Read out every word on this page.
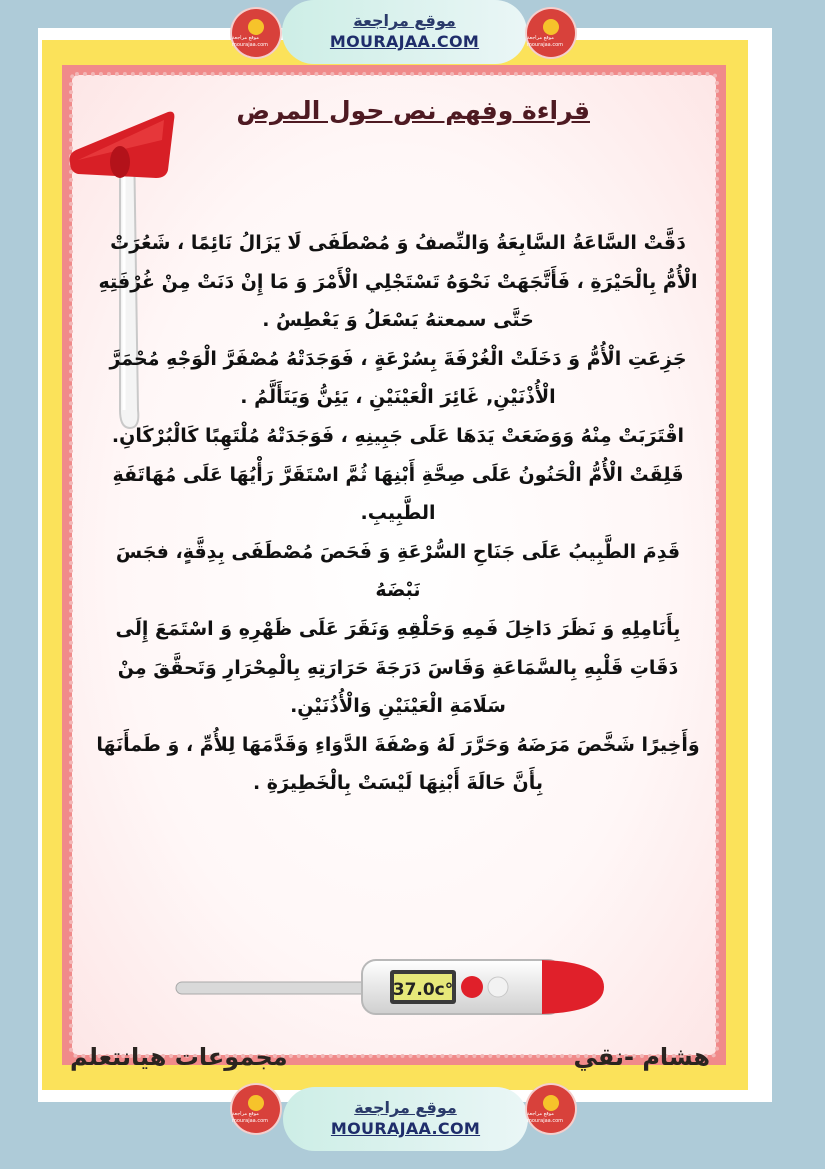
موقع مراجعة mourajaa.com
موقع مراجعة
MOURAJAA.COM	موقع مراجعة mourajaa.com
قراءة وفهم نص حول المرض

دَقَّتْ السَّاعَةُ السَّابِعَةُ وَالنِّصفُ وَ مُصْطَفَى لَا يَزَالُ نَائِمًا ، شَعُرَتْ الْأُمُّ بِالْحَيْرَةِ ، فَأَتَّجَهَتْ نَحْوَهُ تَسْتَجْلِي الْأَمْرَ وَ مَا إِنْ دَنَتْ مِنْ غُرْفَتِهِ حَتَّى سمعتهُ يَسْعَلُ وَ يَعْطِسُ .

جَزِعَتِ الْأُمُّ وَ دَخَلَتْ الْغُرْفَةَ بِسُرْعَةٍ ، فَوَجَدَتْهُ مُصْفَرَّ الْوَجْهِ مُحْمَرَّ الْأُذْنَيْنِ, غَائِرَ الْعَيْنَيْنِ ، يَئِنُّ وَيَتَأَلَّمُ .

اقْتَرَبَتْ مِنْهُ وَوَضَعَتْ يَدَهَا عَلَى جَبِينِهِ ، فَوَجَدَتْهُ مُلْتَهِبًا كَالْبُرْكَانِ.

قَلِقَتْ الْأُمُّ الْحَنُونُ عَلَى صِحَّةِ أَبْنِهَا ثُمَّ اسْتَقَرَّ رَأْيُهَا عَلَى مُهَاتَفَةِ الطَّبِيبِ.

قَدِمَ الطَّبِيبُ عَلَى جَنَاحِ السُّرْعَةِ وَ فَحَصَ مُصْطَفَى بِدِقَّةٍ، فجَسَ نَبْضَهُ

بِأَنَامِلِهِ وَ نَظَرَ دَاخِلَ فَمِهِ وَحَلْقِهِ وَنَقَرَ عَلَى ظَهْرِهِ وَ اسْتَمَعَ إِلَى دَقَاتِ قَلْبِهِ بِالسَّمَاعَةِ وَقَاسَ دَرَجَةَ حَرَارَتِهِ بِالْمِحْرَارِ وَتَحقَّقَ مِنْ سَلَامَةِ الْعَيْنَيْنِ وَالْأُذُنَيْنِ.

وَأَخِيرًا شَخَّصَ مَرَضَهُ وَحَرَّرَ لَهُ وَصْفَةَ الدَّوَاءِ وَقَدَّمَهَا لِلأُمِّ ، وَ طَمأَنَهَا بِأَنَّ حَالَةَ أَبْنِهَا لَيْسَتْ بِالْخَطِيرَةِ .

37.0c°
هشام -نقي
مجموعات هيانتعلم
موقع مراجعة mourajaa.com
موقع مراجعة
MOURAJAA.COM
موقع مراجعة mourajaa.com
